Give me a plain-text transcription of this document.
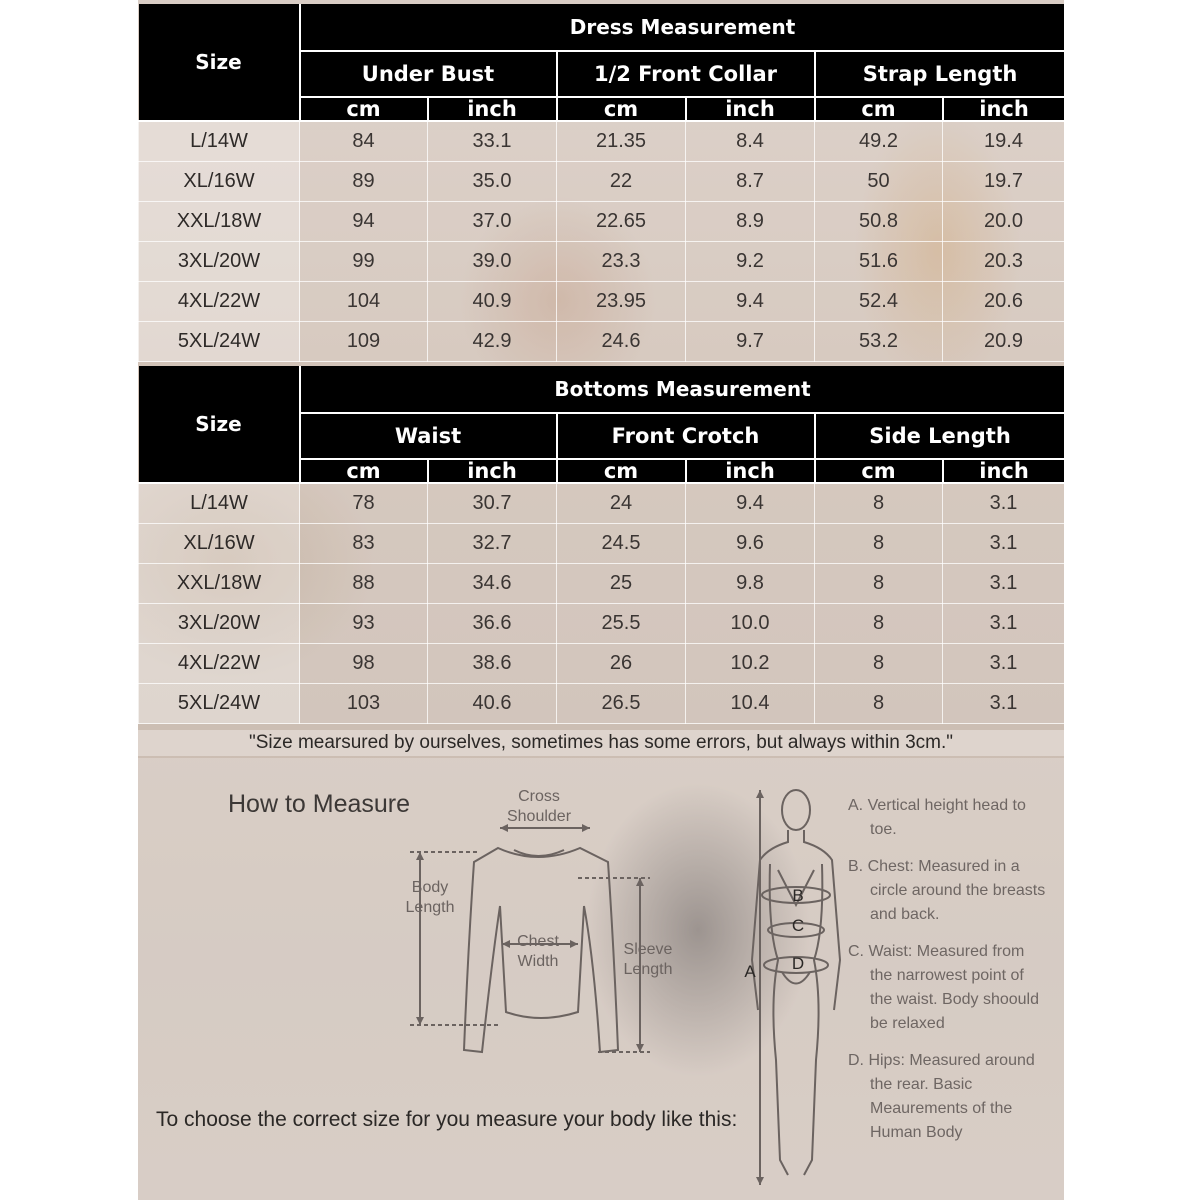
Size	Dress Measurement					
	Under Bust		1/2 Front Collar		Strap Length	
	cm	inch	cm	inch	cm	inch
L/14W	84	33.1	21.35	8.4	49.2	19.4
XL/16W	89	35.0	22	8.7	50	19.7
XXL/18W	94	37.0	22.65	8.9	50.8	20.0
3XL/20W	99	39.0	23.3	9.2	51.6	20.3
4XL/22W	104	40.9	23.95	9.4	52.4	20.6
5XL/24W	109	42.9	24.6	9.7	53.2	20.9
Size	Bottoms Measurement					
	Waist		Front Crotch		Side Length	
	cm	inch	cm	inch	cm	inch
L/14W	78	30.7	24	9.4	8	3.1
XL/16W	83	32.7	24.5	9.6	8	3.1
XXL/18W	88	34.6	25	9.8	8	3.1
3XL/20W	93	36.6	25.5	10.0	8	3.1
4XL/22W	98	38.6	26	10.2	8	3.1
5XL/24W	103	40.6	26.5	10.4	8	3.1
"Size mearsured by ourselves, sometimes has some errors, but always within 3cm."
How to Measure	Cross
Shoulder
Body
Length
Chest
Width
Sleeve
Length	A
B
C
D

A. Vertical height head to toe.

B. Chest: Measured in a circle around the breasts and back.

C. Waist: Measured from the narrowest point of the waist. Body shoould be relaxed

D. Hips: Measured around the rear. Basic Meaurements of the Human Body

To choose the correct size for you measure your body like this:
